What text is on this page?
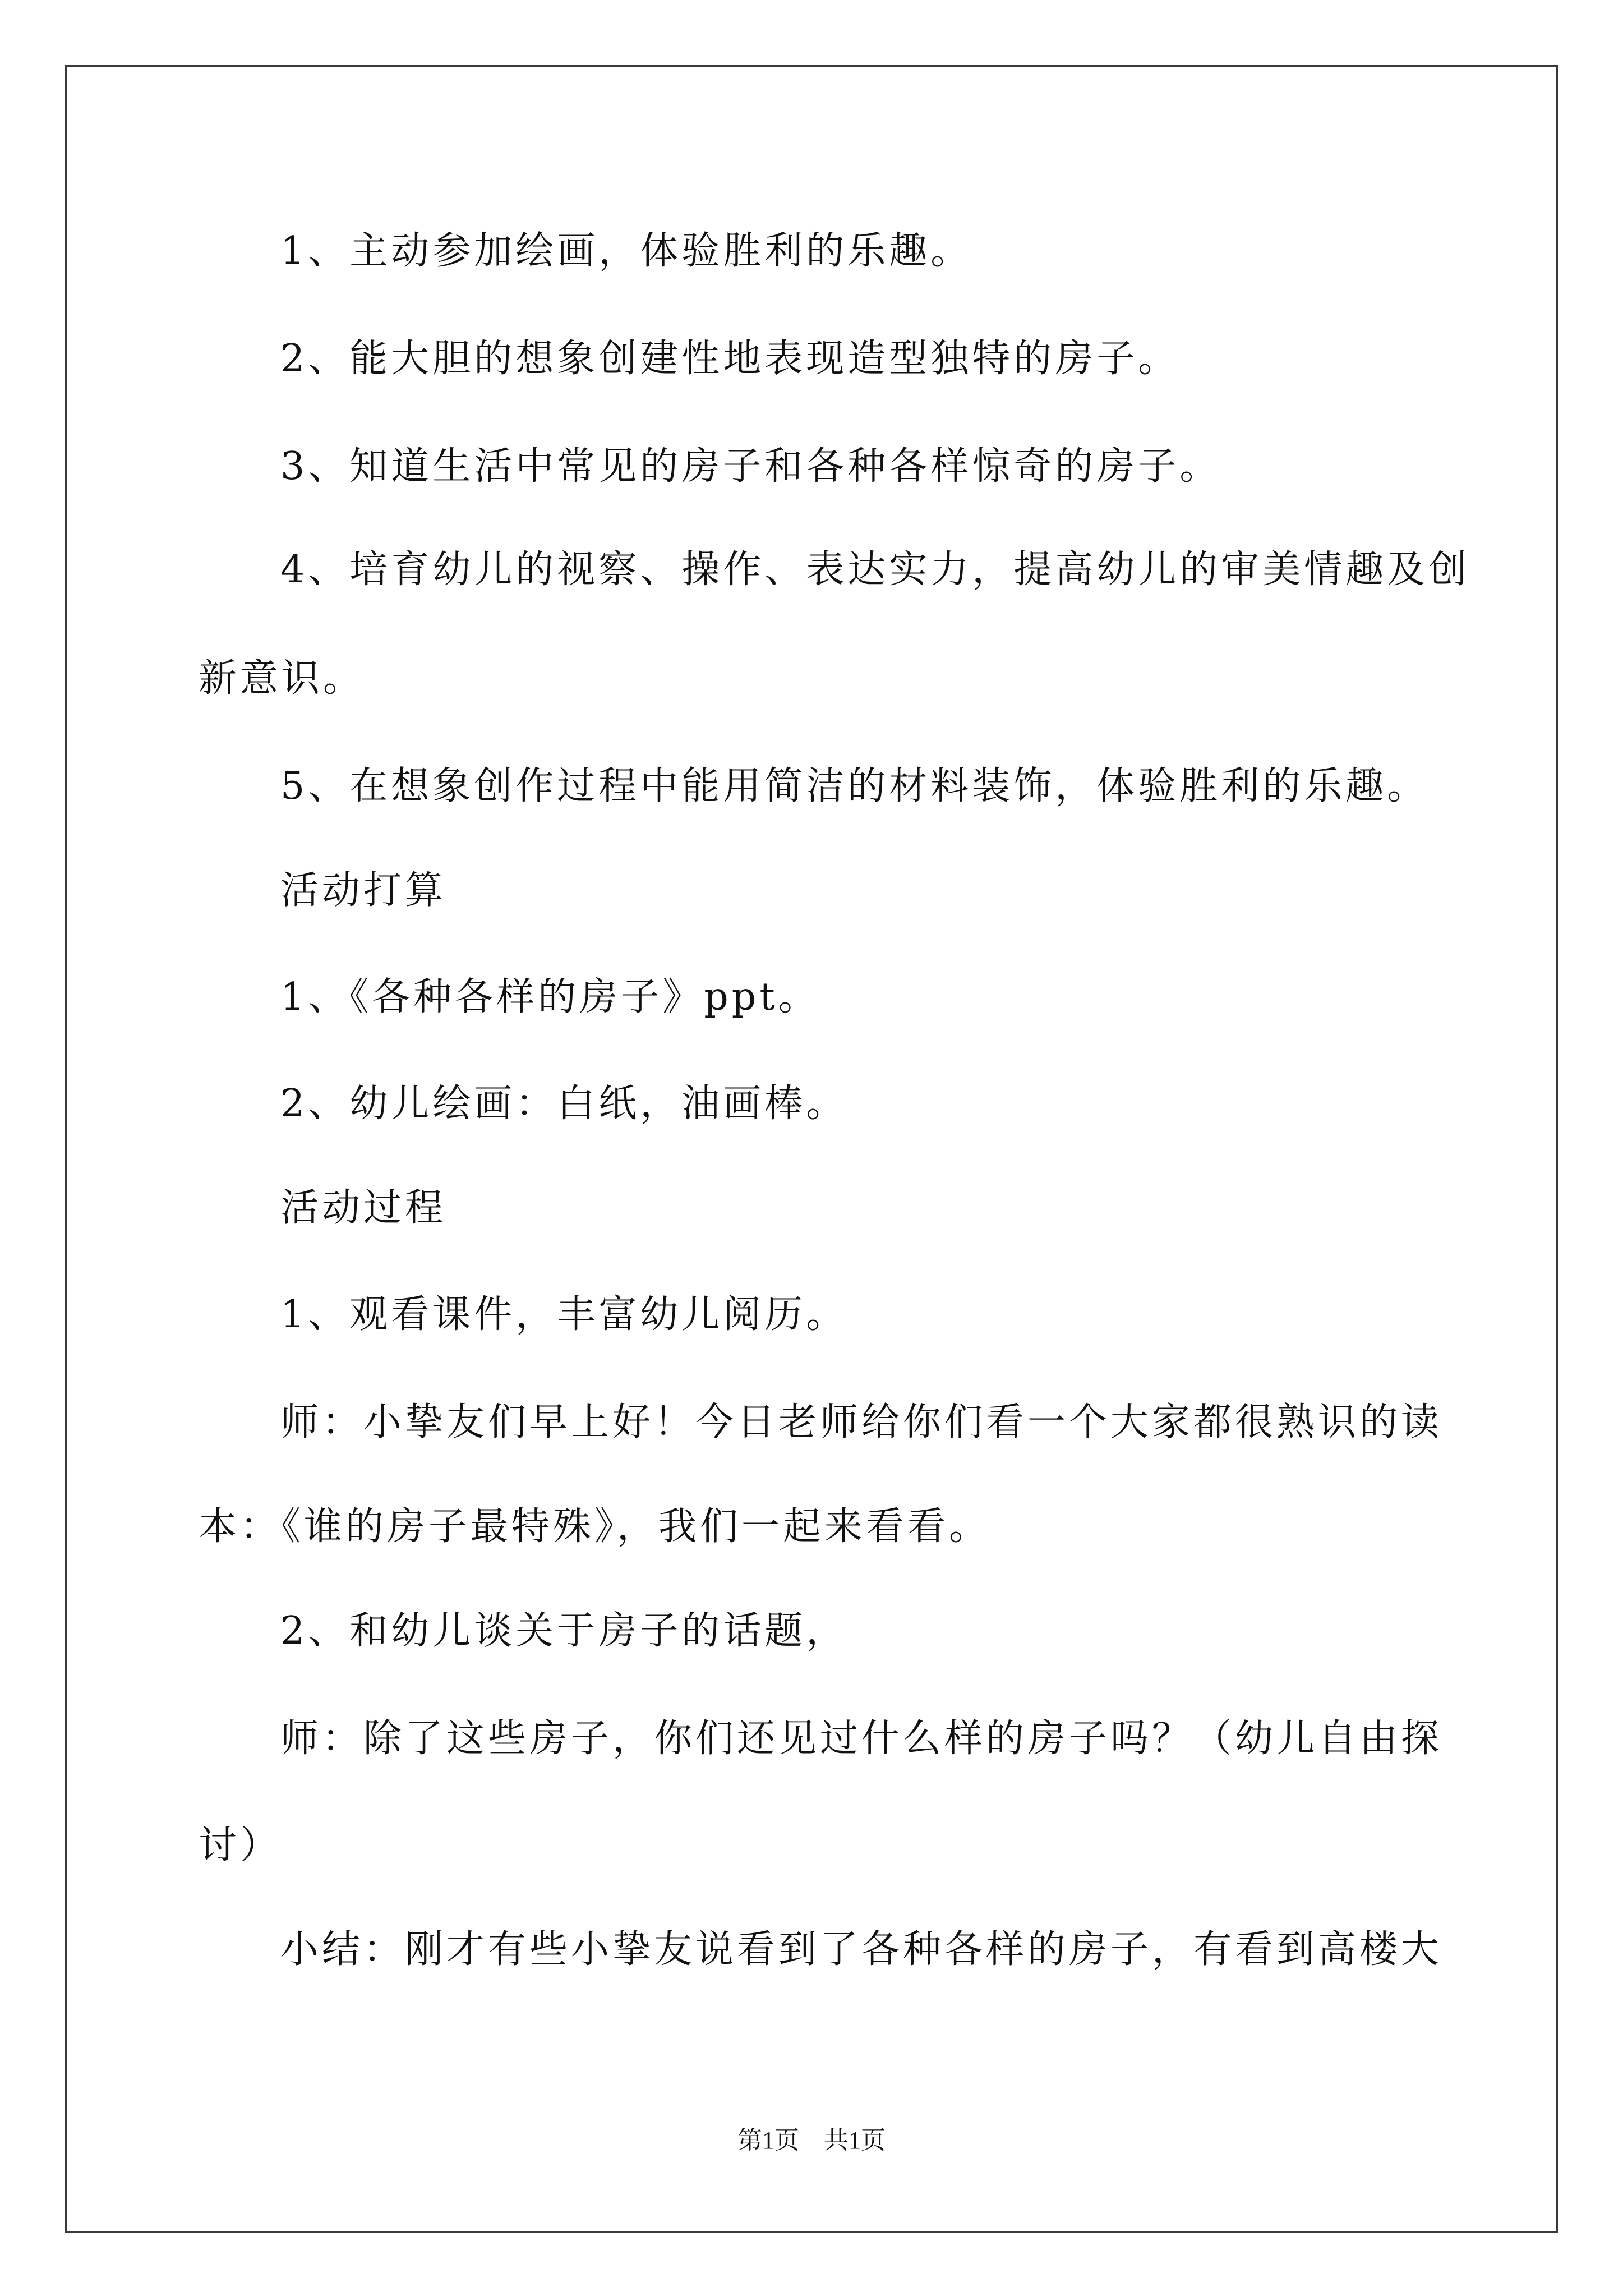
1、主动参加绘画，体验胜利的乐趣。
2、能大胆的想象创建性地表现造型独特的房子。
3、知道生活中常见的房子和各种各样惊奇的房子。
4、培育幼儿的视察、操作、表达实力，提高幼儿的审美情趣及创
新意识。
5、在想象创作过程中能用简洁的材料装饰，体验胜利的乐趣。
活动打算
1、《各种各样的房子》ppt。
2、幼儿绘画：白纸，油画棒。
活动过程
1、观看课件，丰富幼儿阅历。
师：小挚友们早上好！今日老师给你们看一个大家都很熟识的读
本：《谁的房子最特殊》，我们一起来看看。
2、和幼儿谈关于房子的话题，
师：除了这些房子，你们还见过什么样的房子吗？（幼儿自由探
讨）
小结：刚才有些小挚友说看到了各种各样的房子，有看到高楼大
第1页　共1页
